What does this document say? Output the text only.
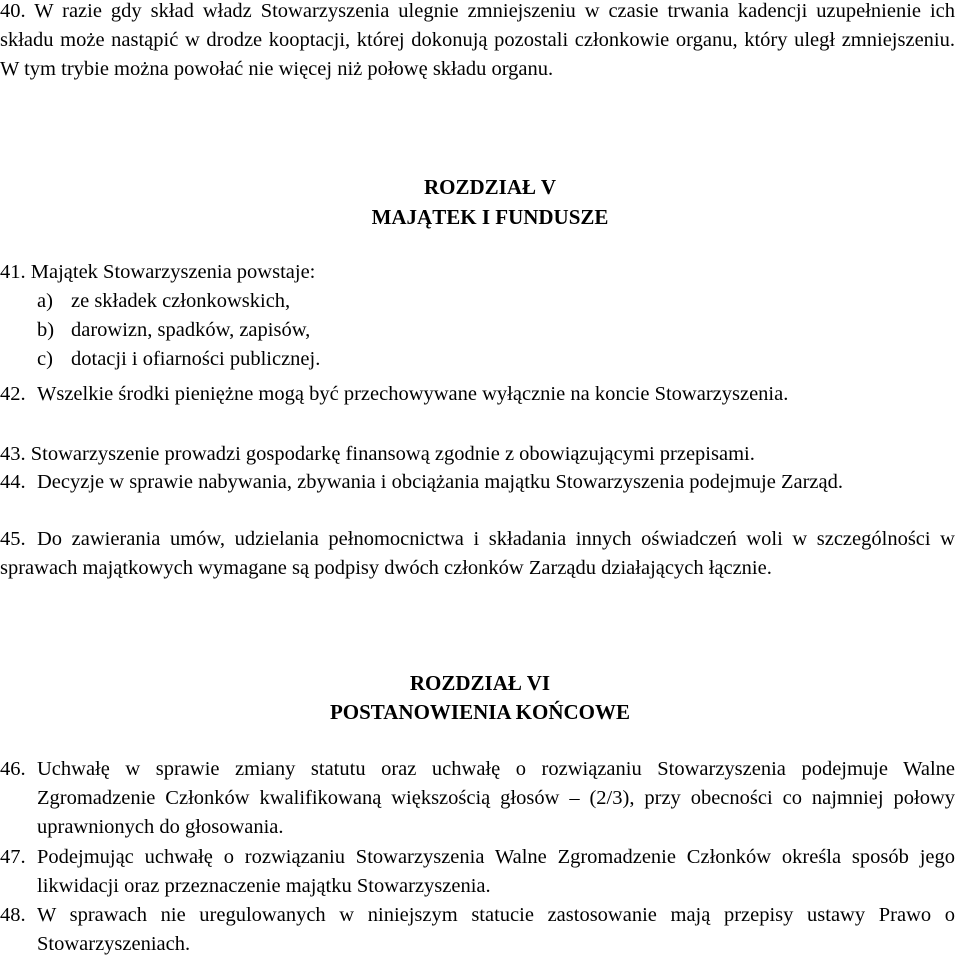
40. W razie gdy skład władz Stowarzyszenia ulegnie zmniejszeniu w czasie trwania kadencji uzupełnienie ich składu może nastąpić w drodze kooptacji, której dokonują pozostali członkowie organu, który uległ zmniejszeniu. W tym trybie można powołać nie więcej niż połowę składu organu.
ROZDZIAŁ V
MAJĄTEK I FUNDUSZE
41. Majątek Stowarzyszenia powstaje:
a) ze składek członkowskich,
b) darowizn, spadków, zapisów,
c) dotacji i ofiarności publicznej.
42. Wszelkie środki pieniężne mogą być przechowywane wyłącznie na koncie Stowarzyszenia.
43. Stowarzyszenie prowadzi gospodarkę finansową zgodnie z obowiązującymi przepisami.
44. Decyzje w sprawie nabywania, zbywania i obciążania majątku Stowarzyszenia podejmuje Zarząd.
45. Do zawierania umów, udzielania pełnomocnictwa i składania innych oświadczeń woli w szczególności w sprawach majątkowych wymagane są podpisy dwóch członków Zarządu działających łącznie.
ROZDZIAŁ VI
POSTANOWIENIA KOŃCOWE
46. Uchwałę w sprawie zmiany statutu oraz uchwałę o rozwiązaniu Stowarzyszenia podejmuje Walne Zgromadzenie Członków kwalifikowaną większością głosów – (2/3), przy obecności co najmniej połowy uprawnionych do głosowania.
47. Podejmując uchwałę o rozwiązaniu Stowarzyszenia Walne Zgromadzenie Członków określa sposób jego likwidacji oraz przeznaczenie majątku Stowarzyszenia.
48. W sprawach nie uregulowanych w niniejszym statucie zastosowanie mają przepisy ustawy Prawo o Stowarzyszeniach.
